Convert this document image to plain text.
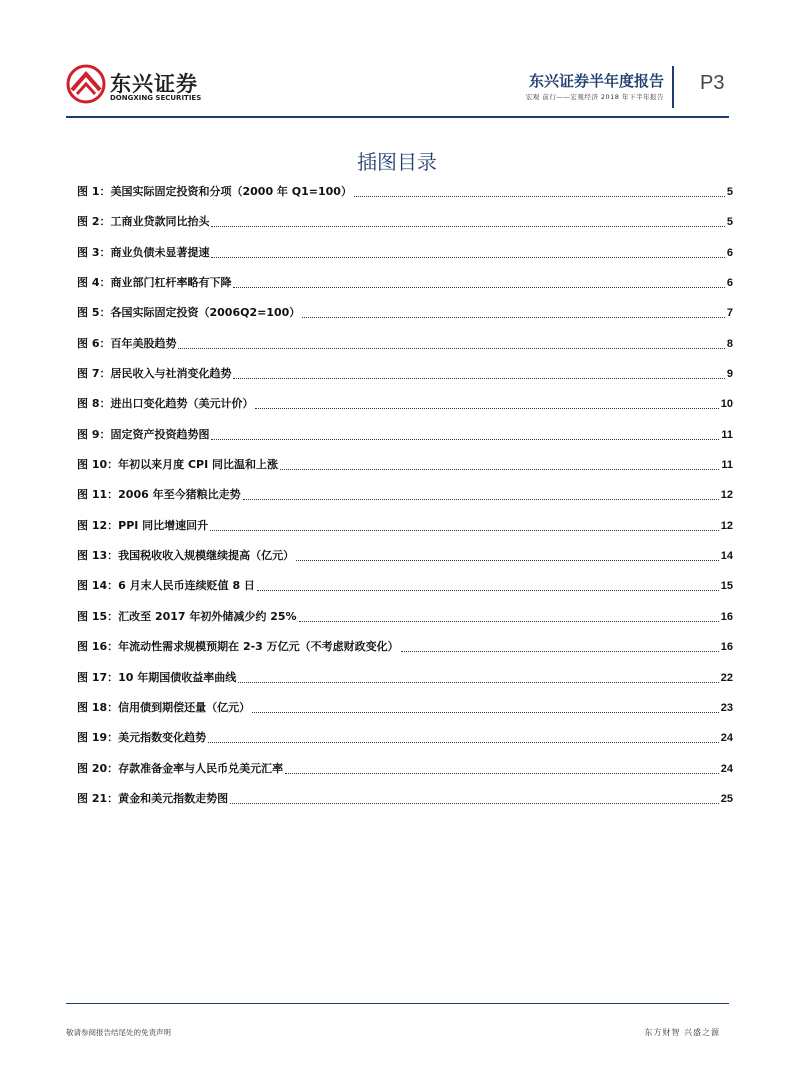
东兴证券
DONGXING SECURITIES
东兴证券半年度报告
宏观 前行——宏观经济 2018 年下半年报告
P3
插图目录
图 1：美国实际固定投资和分项（2000 年 Q1=100）	5
图 2：工商业贷款同比抬头	5
图 3：商业负债未显著提速	6
图 4：商业部门杠杆率略有下降	6
图 5：各国实际固定投资（2006Q2=100）	7
图 6：百年美股趋势	8
图 7：居民收入与社消变化趋势	9
图 8：进出口变化趋势（美元计价）	10
图 9：固定资产投资趋势图	11
图 10：年初以来月度 CPI 同比温和上涨	11
图 11：2006 年至今猪粮比走势	12
图 12：PPI 同比增速回升	12
图 13：我国税收收入规模继续提高（亿元）	14
图 14：6 月末人民币连续贬值 8 日	15
图 15：汇改至 2017 年初外储减少约 25%	16
图 16：年流动性需求规模预期在 2-3 万亿元（不考虑财政变化）	16
图 17：10 年期国债收益率曲线	22
图 18：信用债到期偿还量（亿元）	23
图 19：美元指数变化趋势	24
图 20：存款准备金率与人民币兑美元汇率	24
图 21：黄金和美元指数走势图	25
敬请参阅报告结尾处的免责声明	东方财智 兴盛之源
